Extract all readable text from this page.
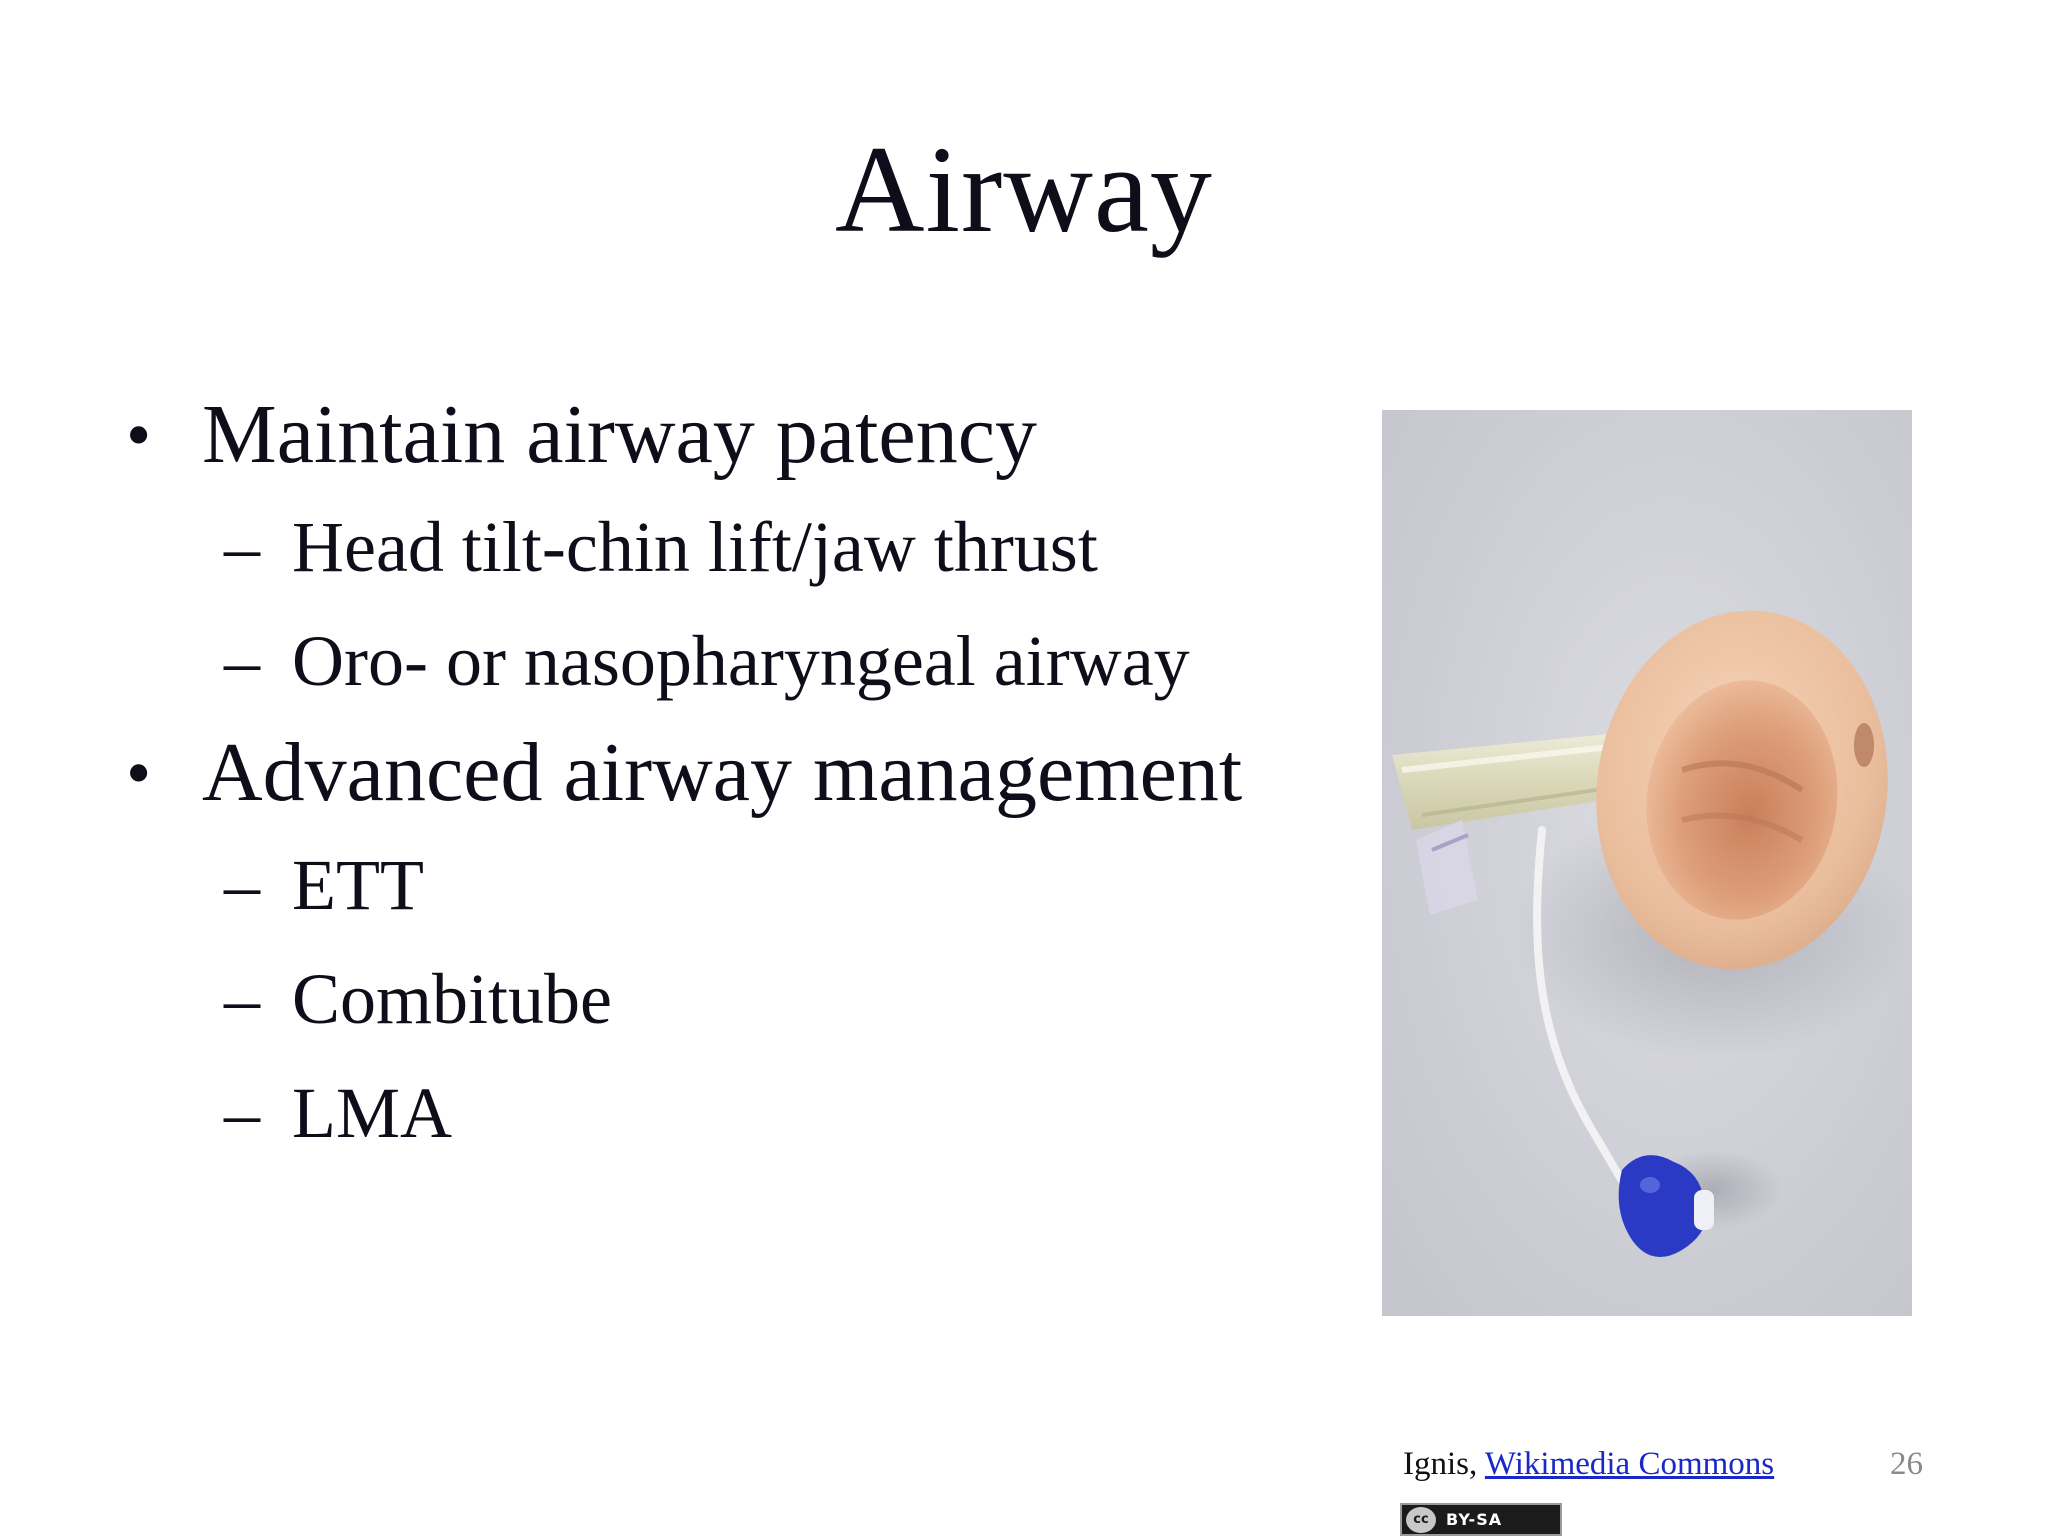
Airway
• Maintain airway patency
– Head tilt-chin lift/jaw thrust
– Oro- or nasopharyngeal airway
• Advanced airway management
– ETT
– Combitube
– LMA
Ignis, Wikimedia Commons	26
cc	BY-SA
